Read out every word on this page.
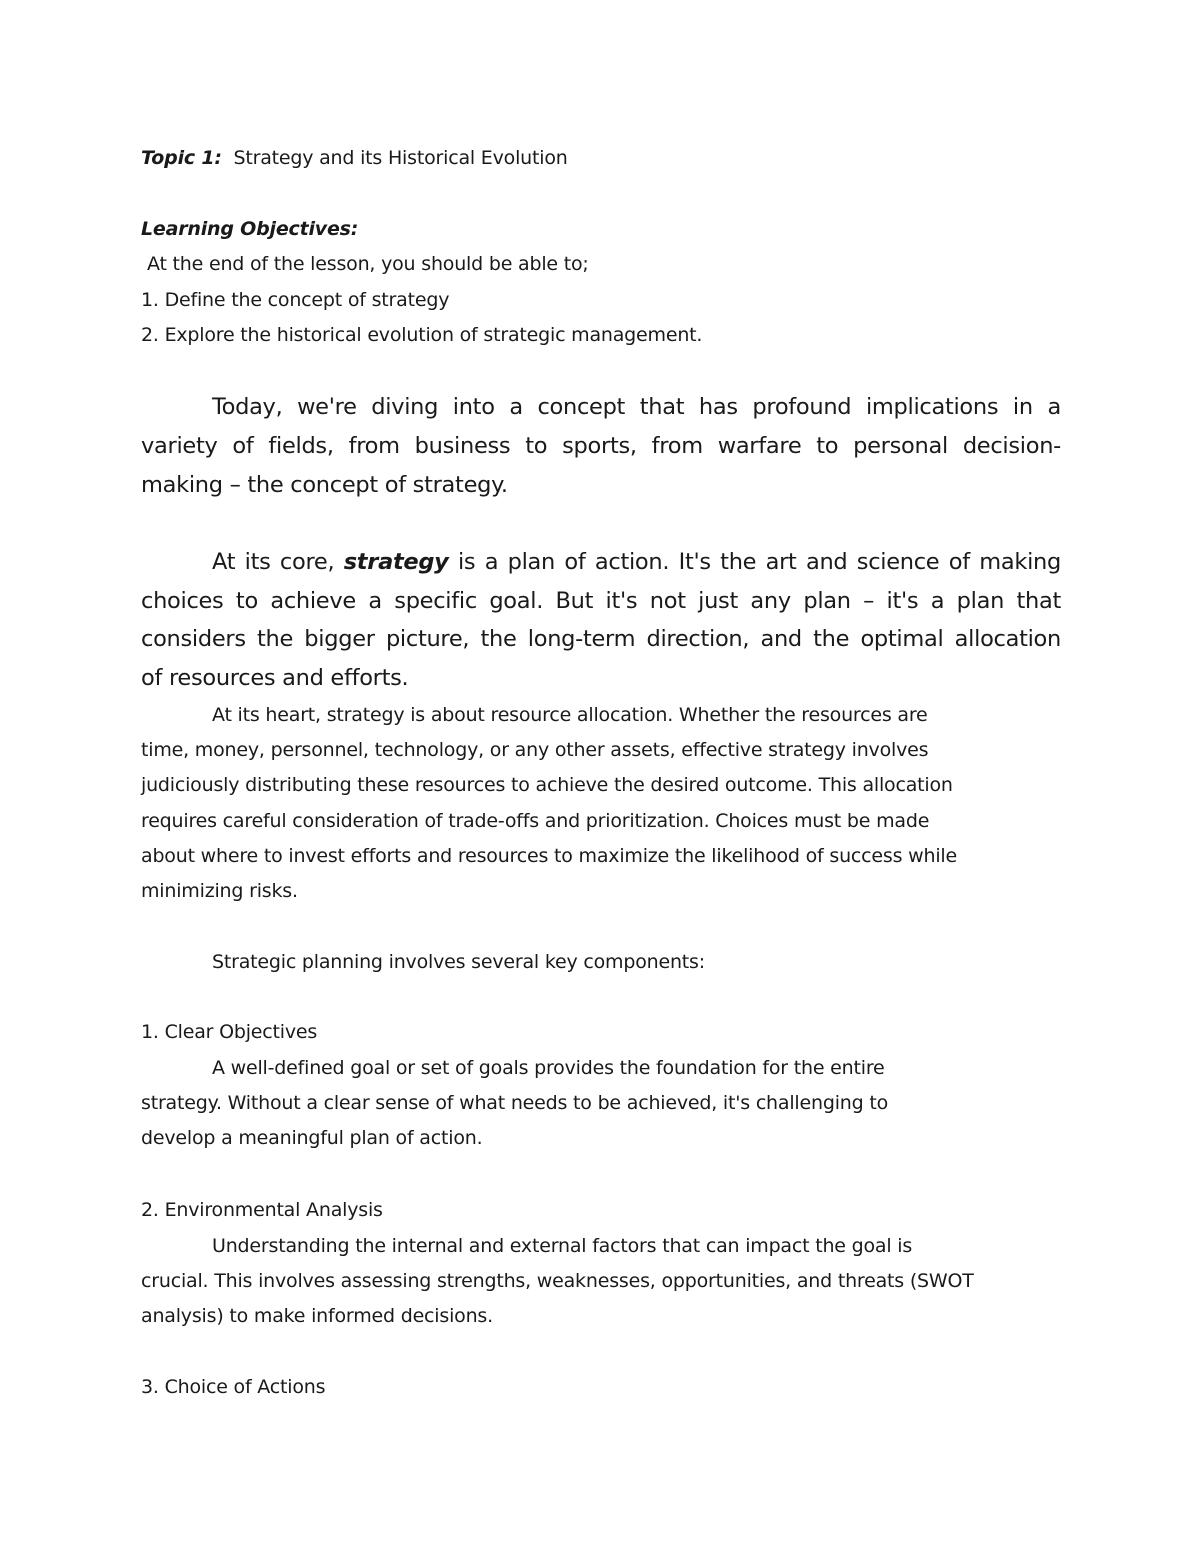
Topic 1: Strategy and its Historical Evolution
Learning Objectives:
At the end of the lesson, you should be able to;
1. Define the concept of strategy
2. Explore the historical evolution of strategic management.
Today, we're diving into a concept that has profound implications in a
variety of fields, from business to sports, from warfare to personal decision-
making – the concept of strategy.
At its core, strategy is a plan of action. It's the art and science of making
choices to achieve a specific goal. But it's not just any plan – it's a plan that
considers the bigger picture, the long-term direction, and the optimal allocation
of resources and efforts.
At its heart, strategy is about resource allocation. Whether the resources are
time, money, personnel, technology, or any other assets, effective strategy involves
judiciously distributing these resources to achieve the desired outcome. This allocation
requires careful consideration of trade-offs and prioritization. Choices must be made
about where to invest efforts and resources to maximize the likelihood of success while
minimizing risks.
Strategic planning involves several key components:
1. Clear Objectives
A well-defined goal or set of goals provides the foundation for the entire
strategy. Without a clear sense of what needs to be achieved, it's challenging to
develop a meaningful plan of action.
2. Environmental Analysis
Understanding the internal and external factors that can impact the goal is
crucial. This involves assessing strengths, weaknesses, opportunities, and threats (SWOT
analysis) to make informed decisions.
3. Choice of Actions
